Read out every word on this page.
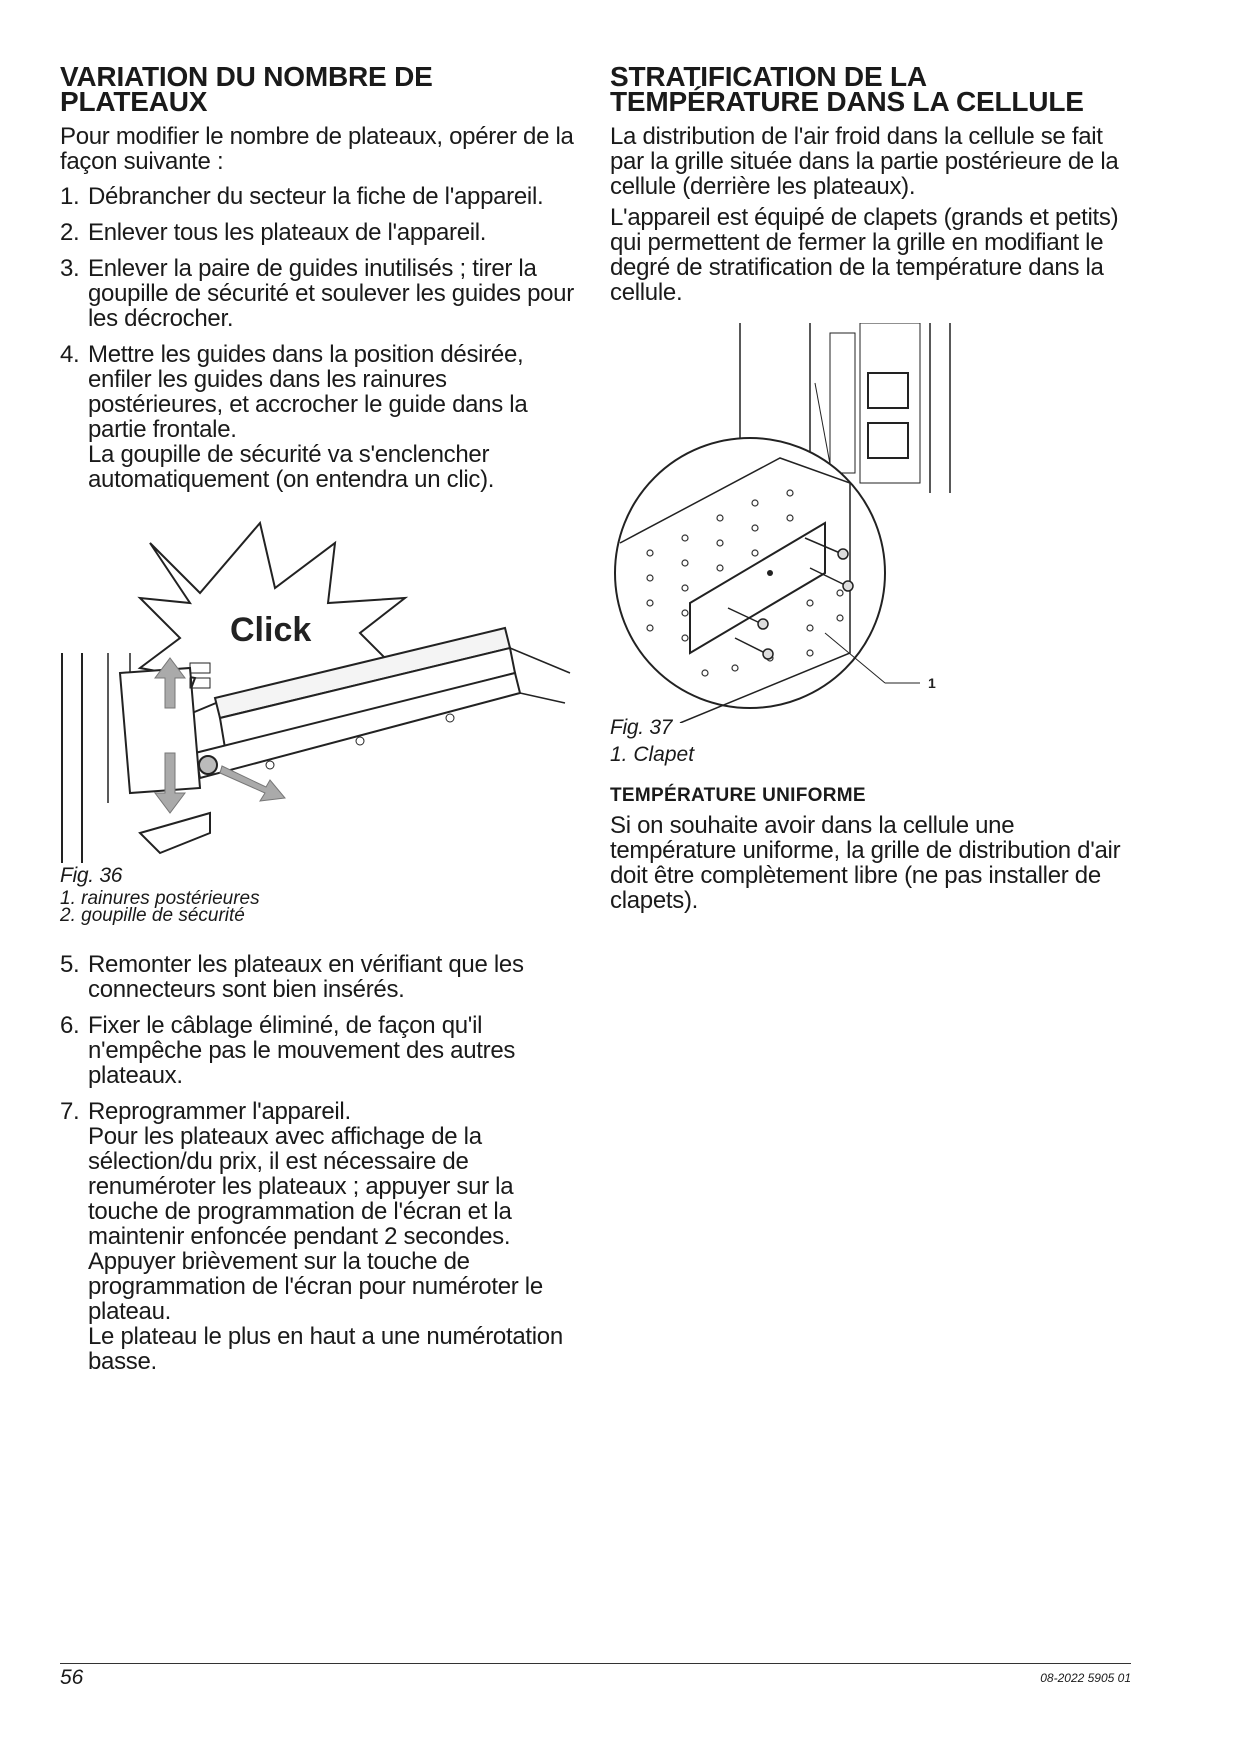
VARIATION DU NOMBRE DE PLATEAUX

Pour modifier le nombre de plateaux, opérer de la façon suivante :

1. Débrancher du secteur la fiche de l'appareil.
2. Enlever tous les plateaux de l'appareil.
3. Enlever la paire de guides inutilisés ; tirer la goupille de sécurité et soulever les guides pour les décrocher.
4. Mettre les guides dans la position désirée, enfiler les guides dans les rainures postérieures, et accrocher le guide dans la partie frontale.
La goupille de sécurité va s'enclencher automatiquement (on entendra un clic).
Click

Fig. 36

1. rainures postérieures
2. goupille de sécurité
5. Remonter les plateaux en vérifiant que les connecteurs sont bien insérés.
6. Fixer le câblage éliminé, de façon qu'il n'empêche pas le mouvement des autres plateaux.
7. Reprogrammer l'appareil.
Pour les plateaux avec affichage de la sélection/du prix, il est nécessaire de renuméroter les plateaux ; appuyer sur la touche de programmation de l'écran et la maintenir enfoncée pendant 2 secondes. Appuyer brièvement sur la touche de programmation de l'écran pour numéroter le plateau.
Le plateau le plus en haut a une numérotation basse.
STRATIFICATION DE LA TEMPÉRATURE DANS LA CELLULE

La distribution de l'air froid dans la cellule se fait par la grille située dans la partie postérieure de la cellule (derrière les plateaux).

L'appareil est équipé de clapets (grands et petits) qui permettent de fermer la grille en modifiant le degré de stratification de la température dans la cellule.

1

Fig. 37

1. Clapet
TEMPÉRATURE UNIFORME

Si on souhaite avoir dans la cellule une température uniforme, la grille de distribution d'air doit être complètement libre (ne pas installer de clapets).

56	08-2022 5905 01
